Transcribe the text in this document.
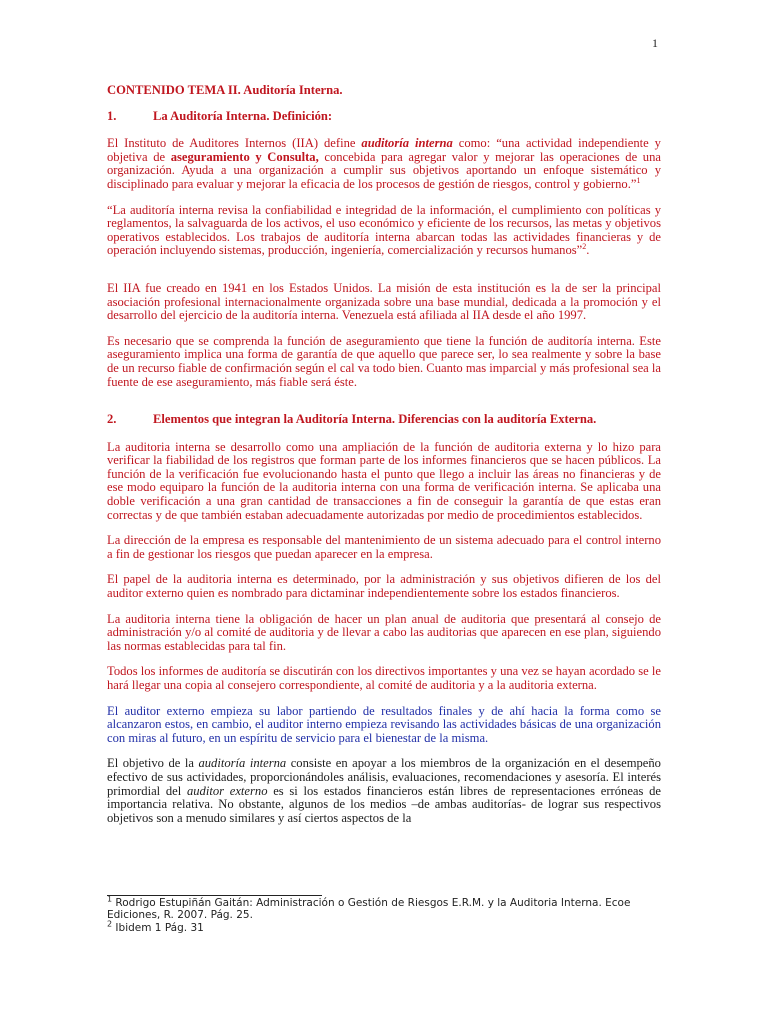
1
CONTENIDO TEMA II. Auditoría Interna.
1.	La Auditoría Interna. Definición:

El Instituto de Auditores Internos (IIA) define auditoría interna como: “una actividad independiente y objetiva de aseguramiento y Consulta, concebida para agregar valor y mejorar las operaciones de una organización. Ayuda a una organización a cumplir sus objetivos aportando un enfoque sistemático y disciplinado para evaluar y mejorar la eficacia de los procesos de gestión de riesgos, control y gobierno.”$^1$

“La auditoría interna revisa la confiabilidad e integridad de la información, el cumplimiento con políticas y reglamentos, la salvaguarda de los activos, el uso económico y eficiente de los recursos, las metas y objetivos operativos establecidos. Los trabajos de auditoría interna abarcan todas las actividades financieras y de operación incluyendo sistemas, producción, ingeniería, comercialización y recursos humanos”$^2$.

El IIA fue creado en 1941 en los Estados Unidos. La misión de esta institución es la de ser la principal asociación profesional internacionalmente organizada sobre una base mundial, dedicada a la promoción y el desarrollo del ejercicio de la auditoría interna. Venezuela está afiliada al IIA desde el año 1997.

Es necesario que se comprenda la función de aseguramiento que tiene la función de auditoría interna. Este aseguramiento implica una forma de garantía de que aquello que parece ser, lo sea realmente y sobre la base de un recurso fiable de confirmación según el cal va todo bien. Cuanto mas imparcial y más profesional sea la fuente de ese aseguramiento, más fiable será éste.

2.	Elementos que integran la Auditoría Interna. Diferencias con la auditoría Externa.

La auditoria interna se desarrollo como una ampliación de la función de auditoria externa y lo hizo para verificar la fiabilidad de los registros que forman parte de los informes financieros que se hacen públicos. La función de la verificación fue evolucionando hasta el punto que llego a incluir las áreas no financieras y de ese modo equiparo la función de la auditoria interna con una forma de verificación interna. Se aplicaba una doble verificación a una gran cantidad de transacciones a fin de conseguir la garantía de que estas eran correctas y de que también estaban adecuadamente autorizadas por medio de procedimientos establecidos.

La dirección de la empresa es responsable del mantenimiento de un sistema adecuado para el control interno a fin de gestionar los riesgos que puedan aparecer en la empresa.

El papel de la auditoria interna es determinado, por la administración y sus objetivos difieren de los del auditor externo quien es nombrado para dictaminar independientemente sobre los estados financieros.

La auditoria interna tiene la obligación de hacer un plan anual de auditoria que presentará al consejo de administración y/o al comité de auditoria y de llevar a cabo las auditorias que aparecen en ese plan, siguiendo las normas establecidas para tal fin.

Todos los informes de auditoría se discutirán con los directivos importantes y una vez se hayan acordado se le hará llegar una copia al consejero correspondiente, al comité de auditoria y a la auditoria externa.

El auditor externo empieza su labor partiendo de resultados finales y de ahí hacia la forma como se alcanzaron estos, en cambio, el auditor interno empieza revisando las actividades básicas de una organización con miras al futuro, en un espíritu de servicio para el bienestar de la misma.

El objetivo de la auditoría interna consiste en apoyar a los miembros de la organización en el desempeño efectivo de sus actividades, proporcionándoles análisis, evaluaciones, recomendaciones y asesoría. El interés primordial del auditor externo es si los estados financieros están libres de representaciones erróneas de importancia relativa. No obstante, algunos de los medios –de ambas auditorías- de lograr sus respectivos objetivos son a menudo similares y así ciertos aspectos de la

$^1$ Rodrigo Estupiñán Gaitán: Administración o Gestión de Riesgos E.R.M. y la Auditoria Interna. Ecoe Ediciones, R. 2007. Pág. 25.
$^2$ Ibidem 1 Pág. 31
